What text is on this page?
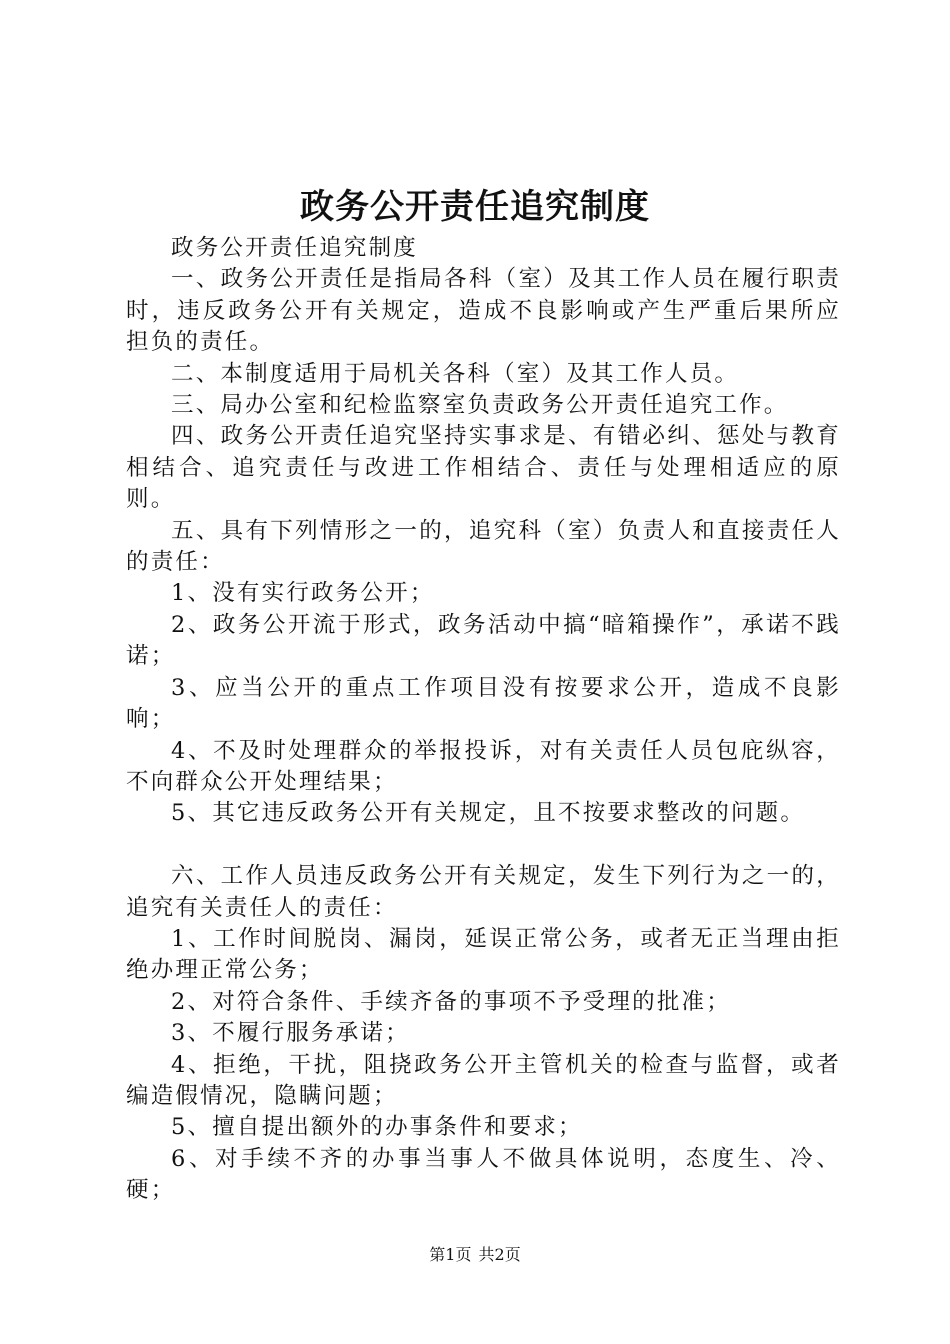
政务公开责任追究制度

政务公开责任追究制度

一、政务公开责任是指局各科（室）及其工作人员在履行职责时，违反政务公开有关规定，造成不良影响或产生严重后果所应担负的责任。

二、本制度适用于局机关各科（室）及其工作人员。

三、局办公室和纪检监察室负责政务公开责任追究工作。

四、政务公开责任追究坚持实事求是、有错必纠、惩处与教育相结合、追究责任与改进工作相结合、责任与处理相适应的原则。

五、具有下列情形之一的，追究科（室）负责人和直接责任人的责任：

1、没有实行政务公开；

2、政务公开流于形式，政务活动中搞“暗箱操作”，承诺不践诺；

3、应当公开的重点工作项目没有按要求公开，造成不良影响；

4、不及时处理群众的举报投诉，对有关责任人员包庇纵容，不向群众公开处理结果；

5、其它违反政务公开有关规定，且不按要求整改的问题。

六、工作人员违反政务公开有关规定，发生下列行为之一的，追究有关责任人的责任：

1、工作时间脱岗、漏岗，延误正常公务，或者无正当理由拒绝办理正常公务；

2、对符合条件、手续齐备的事项不予受理的批准；

3、不履行服务承诺；

4、拒绝，干扰，阻挠政务公开主管机关的检查与监督，或者编造假情况，隐瞒问题；

5、擅自提出额外的办事条件和要求；

6、对手续不齐的办事当事人不做具体说明，态度生、冷、硬；

第1页 共2页
